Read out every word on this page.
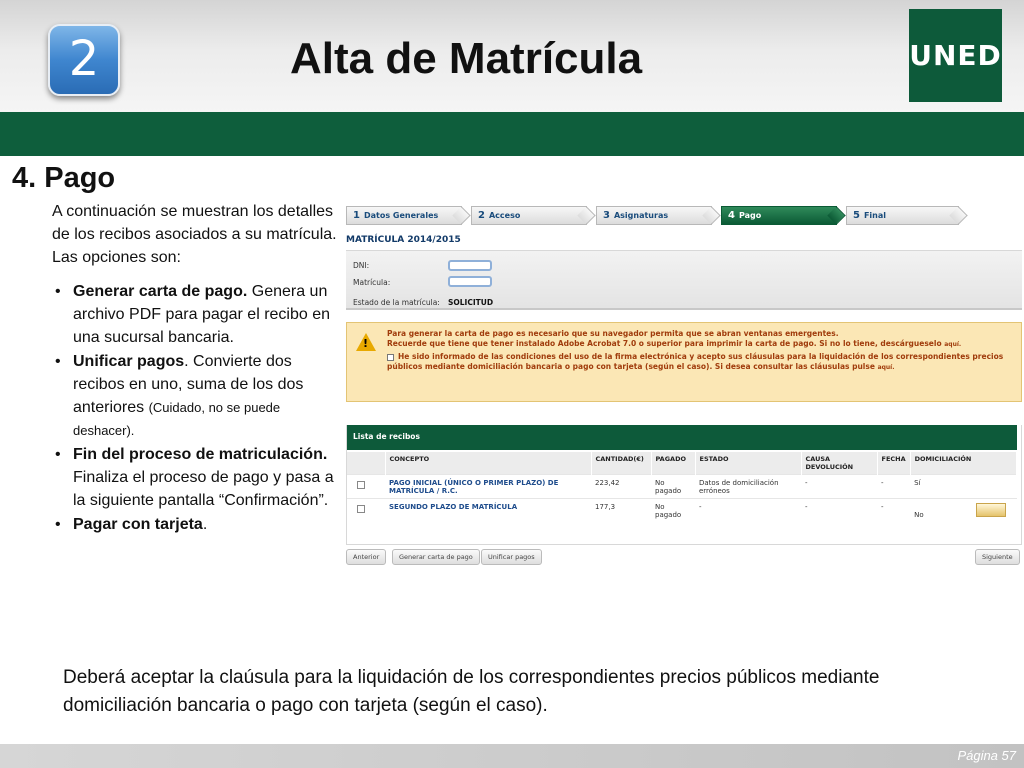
2	Alta de Matrícula	UNED
4. Pago
A continuación se muestran los detalles de los recibos asociados a su matrícula. Las opciones son:
• Generar carta de pago. Genera un archivo PDF para pagar el recibo en una sucursal bancaria.
• Unificar pagos. Convierte dos recibos en uno, suma de los dos anteriores (Cuidado, no se puede deshacer).
• Fin del proceso de matriculación. Finaliza el proceso de pago y pasa a la siguiente pantalla “Confirmación”.
• Pagar con tarjeta.
1 Datos Generales	2 Acceso	3 Asignaturas	4 Pago	5 Final
MATRÍCULA 2014/2015
DNI:
Matrícula:
Estado de la matrícula: SOLICITUD
!
Para generar la carta de pago es necesario que su navegador permita que se abran ventanas emergentes.
Recuerde que tiene que tener instalado Adobe Acrobat 7.0 o superior para imprimir la carta de pago. Si no lo tiene, descárgueselo aquí.
He sido informado de las condiciones del uso de la firma electrónica y acepto sus cláusulas para la liquidación de los correspondientes precios públicos mediante domiciliación bancaria o pago con tarjeta (según el caso). Si desea consultar las cláusulas pulse aquí.
Lista de recibos
	CONCEPTO	CANTIDAD(€)	PAGADO	ESTADO	CAUSA DEVOLUCIÓN	FECHA	DOMICILIACIÓN
	PAGO INICIAL (ÚNICO O PRIMER PLAZO) DE MATRÍCULA / R.C.	223,42	No pagado	Datos de domiciliación erróneos	-	-	Sí
	SEGUNDO PLAZO DE MATRÍCULA	177,3	No pagado	-	-	-	No
Anterior	Generar carta de pago	Unificar pagos	Siguiente
Deberá aceptar la claúsula para la liquidación de los correspondientes precios públicos mediante domiciliación bancaria o pago con tarjeta (según el caso).
Página 57
